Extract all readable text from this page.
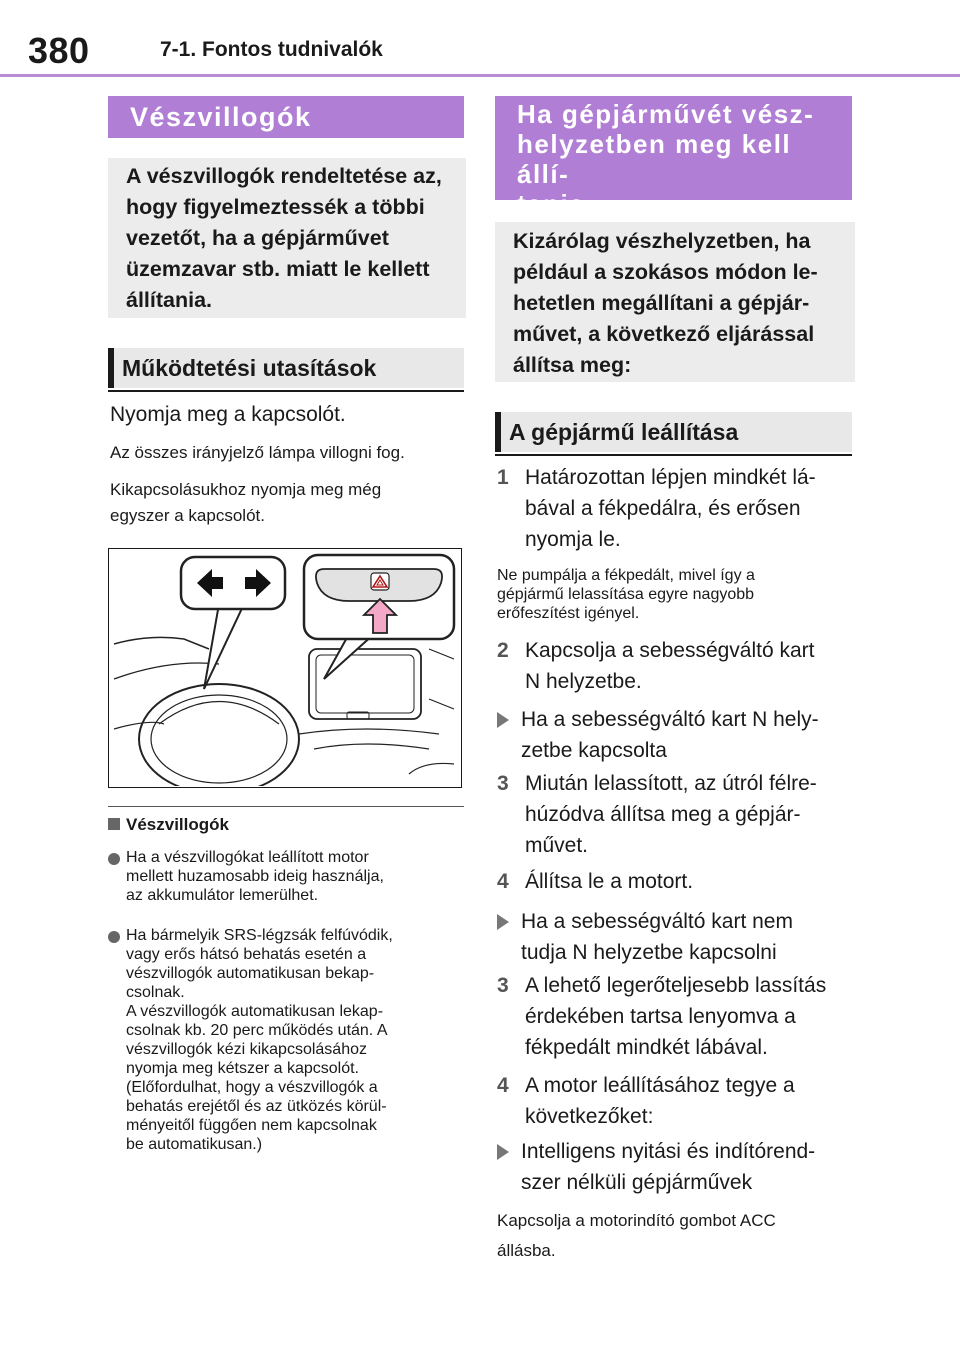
380	7-1. Fontos tudnivalók
Vészvillogók
A vészvillogók rendeltetése az,
hogy figyelmeztessék a többi
vezetőt, ha a gépjárművet
üzemzavar stb. miatt le kellett
állítania.
Működtetési utasítások
Nyomja meg a kapcsolót.
Az összes irányjelző lámpa villogni fog.
Kikapcsolásukhoz nyomja meg még
egyszer a kapcsolót.
Vészvillogók
Ha a vészvillogókat leállított motor
mellett huzamosabb ideig használja,
az akkumulátor lemerülhet.
Ha bármelyik SRS-légzsák felfúvódik,
vagy erős hátsó behatás esetén a
vészvillogók automatikusan bekap-
csolnak.
A vészvillogók automatikusan lekap-
csolnak kb. 20 perc működés után. A
vészvillogók kézi kikapcsolásához
nyomja meg kétszer a kapcsolót.
(Előfordulhat, hogy a vészvillogók a
behatás erejétől és az ütközés körül-
ményeitől függően nem kapcsolnak
be automatikusan.)
Ha gépjárművét vész-
helyzetben meg kell állí-
tania
Kizárólag vészhelyzetben, ha
például a szokásos módon le-
hetetlen megállítani a gépjár-
művet, a következő eljárással
állítsa meg:
A gépjármű leállítása
1 Határozottan lépjen mindkét lá-
bával a fékpedálra, és erősen
nyomja le.
Ne pumpálja a fékpedált, mivel így a
gépjármű lelassítása egyre nagyobb
erőfeszítést igényel.
2 Kapcsolja a sebességváltó kart
N helyzetbe.
Ha a sebességváltó kart N hely-
zetbe kapcsolta
3 Miután lelassított, az útról félre-
húzódva állítsa meg a gépjár-
művet.
4 Állítsa le a motort.
Ha a sebességváltó kart nem
tudja N helyzetbe kapcsolni
3 A lehető legerőteljesebb lassítás
érdekében tartsa lenyomva a
fékpedált mindkét lábával.
4 A motor leállításához tegye a
következőket:
Intelligens nyitási és indítórend-
szer nélküli gépjárművek
Kapcsolja a motorindító gombot ACC
állásba.
